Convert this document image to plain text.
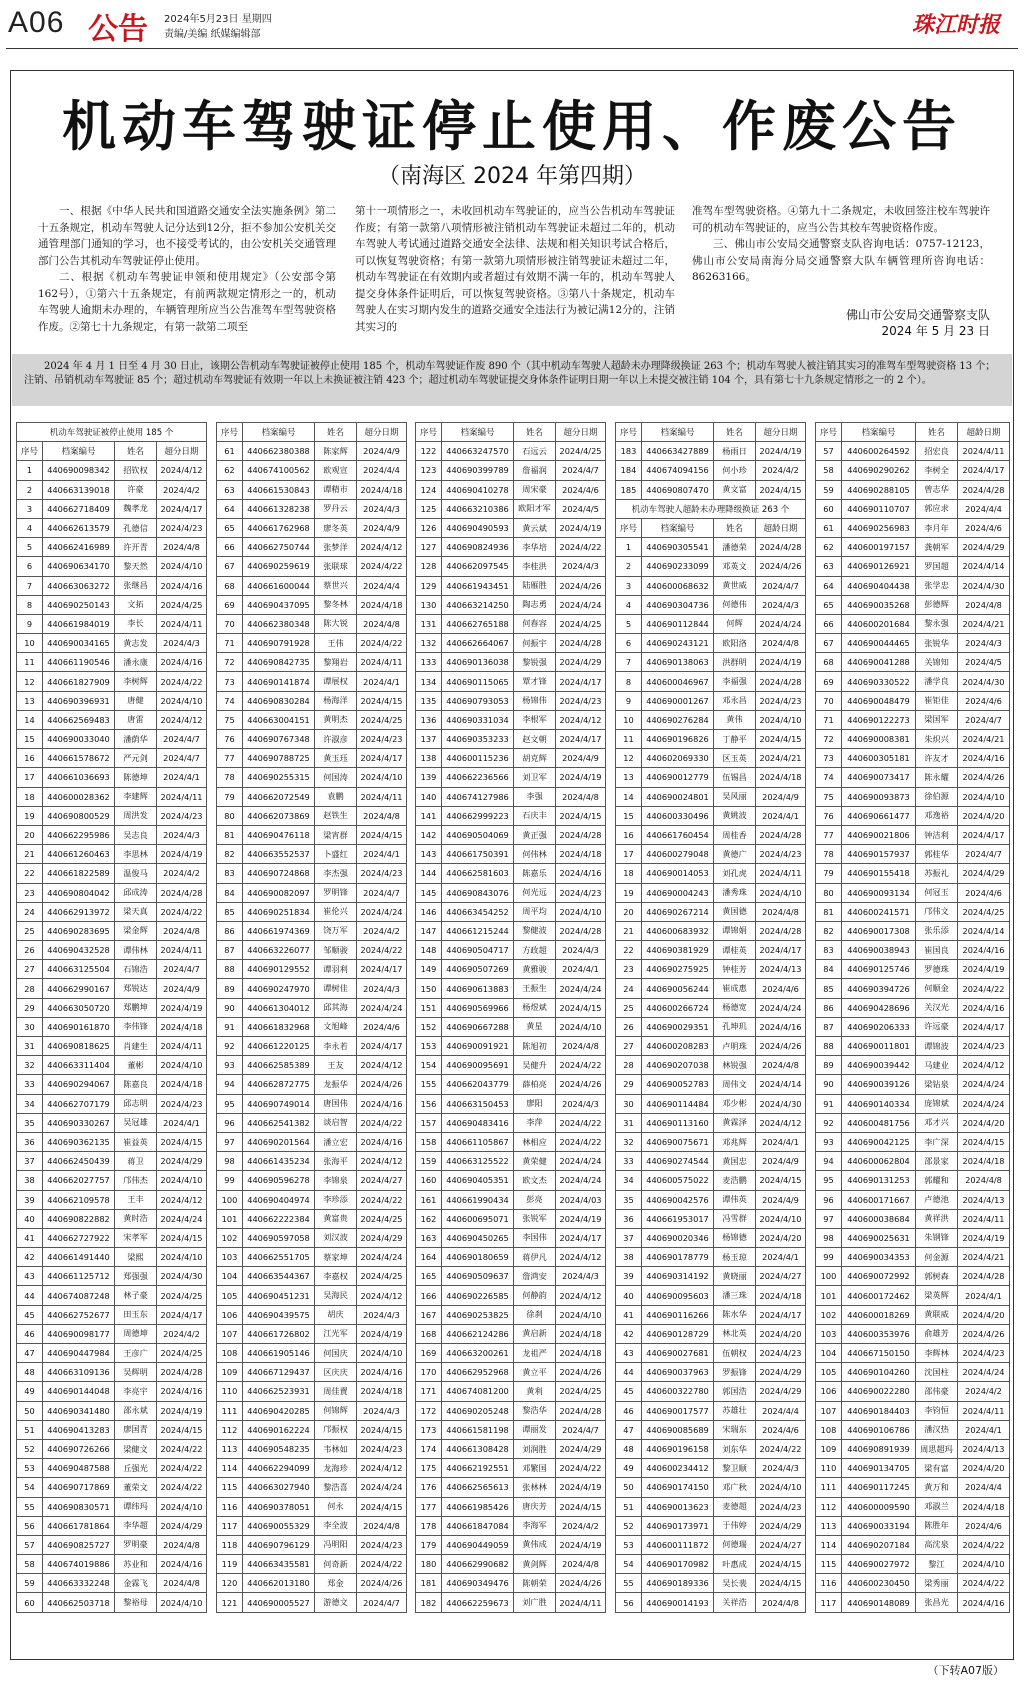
A06 公告 2024年5月23日 星期四
责编/美编 纸媒编辑部	珠江时报
机动车驾驶证停止使用、作废公告
（南海区 2024 年第四期）

一、根据《中华人民共和国道路交通安全法实施条例》第二十五条规定，机动车驾驶人记分达到12分，拒不参加公安机关交通管理部门通知的学习，也不接受考试的，由公安机关交通管理部门公告其机动车驾驶证停止使用。

二、根据《机动车驾驶证申领和使用规定》（公安部令第162号），①第六十五条规定，有前两款规定情形之一的，机动车驾驶人逾期未办理的，车辆管理所应当公告准驾车型驾驶资格作废。②第七十九条规定，有第一款第二项至

第十一项情形之一，未收回机动车驾驶证的，应当公告机动车驾驶证作废；有第一款第八项情形被注销机动车驾驶证未超过二年的，机动车驾驶人考试通过道路交通安全法律、法规和相关知识考试合格后，可以恢复驾驶资格；有第一款第九项情形被注销驾驶证未超过二年，机动车驾驶证在有效期内或者超过有效期不满一年的，机动车驾驶人提交身体条件证明后，可以恢复驾驶资格。③第八十条规定，机动车驾驶人在实习期内发生的道路交通安全违法行为被记满12分的，注销其实习的

准驾车型驾驶资格。④第九十二条规定，未收回签注校车驾驶许可的机动车驾驶证的，应当公告其校车驾驶资格作废。

三、佛山市公安局交通警察支队咨询电话：0757-12123，佛山市公安局南海分局交通警察大队车辆管理所咨询电话：86263166。

佛山市公安局交通警察支队
2024 年 5 月 23 日
2024 年 4 月 1 日至 4 月 30 日止，该期公告机动车驾驶证被停止使用 185 个，机动车驾驶证作废 890 个（其中机动车驾驶人超龄未办理降级换证 263 个；机动车驾驶人被注销其实习的准驾车型驾驶资格 13 个；注销、吊销机动车驾驶证 85 个；超过机动车驾驶证有效期一年以上未换证被注销 423 个；超过机动车驾驶证提交身体条件证明日期一年以上未提交被注销 104 个，具有第七十九条规定情形之一的 2 个）。
机动车驾驶证被停止使用 185 个			
序号	档案编号	姓名	超分日期
1	440690098342	招钦权	2024/4/12
2	440663139018	许豪	2024/4/2
3	440662718409	魏孝龙	2024/4/17
4	440662613579	孔德信	2024/4/23
5	440662416989	许开青	2024/4/8
6	440690634170	黎天然	2024/4/10
7	440663063272	张继昌	2024/4/16
8	440690250143	文拓	2024/4/25
9	440661984019	李长	2024/4/11
10	440690034165	黄志发	2024/4/3
11	440661190546	潘永康	2024/4/16
12	440661827909	李树辉	2024/4/22
13	440690396931	唐健	2024/4/10
14	440662569483	唐雷	2024/4/12
15	440690033040	潘荫华	2024/4/7
16	440661578672	严元剑	2024/4/7
17	440661036693	陈德坤	2024/4/1
18	440600028362	李建辉	2024/4/11
19	440690800529	周洪发	2024/4/23
20	440662295986	吴志良	2024/4/3
21	440661260463	李思林	2024/4/19
22	440661822589	温俊马	2024/4/2
23	440690804042	邱成涛	2024/4/28
24	440662913972	梁天真	2024/4/22
25	440690283695	梁金辉	2024/4/8
26	440690432528	谭伟林	2024/4/11
27	440663125504	石锦浩	2024/4/7
28	440662990167	郑锐达	2024/4/9
29	440663050720	郑鹏坤	2024/4/19
30	440690161870	李伟锋	2024/4/18
31	440690818625	肖建生	2024/4/11
32	440663311404	董彬	2024/4/10
33	440690294067	陈嘉良	2024/4/18
34	440662707179	邱志明	2024/4/23
35	440690330267	吴冠雄	2024/4/1
36	440690362135	崔益英	2024/4/15
37	440662450439	蒋卫	2024/4/29
38	440662027757	邝伟杰	2024/4/10
39	440662109578	王丰	2024/4/12
40	440690822882	黄时浩	2024/4/24
41	440662727922	宋孝军	2024/4/15
42	440661491440	梁熙	2024/4/10
43	440661125712	郑强强	2024/4/30
44	440674087248	林子豪	2024/4/25
45	440662752677	田玉东	2024/4/17
46	440690098177	周德坤	2024/4/2
47	440690447984	王彦广	2024/4/25
48	440663109136	吴辉明	2024/4/28
49	440690144048	李亮宇	2024/4/16
50	440690341480	邵永斌	2024/4/19
51	440690413283	廖国青	2024/4/15
52	440690726266	梁健文	2024/4/22
53	440690487588	丘强光	2024/4/22
54	440690717869	董荣文	2024/4/22
55	440690830571	谭纬玛	2024/4/10
56	440661781864	李华超	2024/4/29
57	440690825727	罗明豪	2024/4/8
58	440674019886	苏业和	2024/4/16
59	440663332248	金霖飞	2024/4/8
60	440662503718	黎裕母	2024/4/10
序号	档案编号	姓名	超分日期
61	440662380388	陈家辉	2024/4/9
62	440674100562	欧观宣	2024/4/4
63	440661530843	谭精市	2024/4/18
64	440661328238	罗丹云	2024/4/3
65	440661762968	廖冬英	2024/4/9
66	440662750744	张梦洋	2024/4/12
67	440690259619	张联球	2024/4/22
68	440661600044	蔡世兴	2024/4/4
69	440690437095	黎冬林	2024/4/18
70	440662380348	陈大锐	2024/4/8
71	440690791928	王伟	2024/4/22
72	440690842735	黎翔岩	2024/4/11
73	440690141874	谭展权	2024/4/1
74	440690830284	杨海洋	2024/4/15
75	440663004151	黄明杰	2024/4/25
76	440690767348	许淑彦	2024/4/23
77	440690788725	黄玉珏	2024/4/17
78	440690255315	何国涛	2024/4/10
79	440662072549	袁鹏	2024/4/11
80	440662073869	赵铁生	2024/4/8
81	440690476118	梁宵群	2024/4/15
82	440663552537	卜盛红	2024/4/1
83	440690724868	李杰强	2024/4/23
84	440690082097	罗明锋	2024/4/7
85	440690251834	崔伦兴	2024/4/24
86	440661974369	饶万军	2024/4/2
87	440663226077	邹顺骏	2024/4/22
88	440690129552	谭羽利	2024/4/17
89	440690247970	谭树佳	2024/4/3
90	440661304012	邱其海	2024/4/24
91	440661832968	文旭峰	2024/4/6
92	440661220125	李永若	2024/4/17
93	440662585389	王友	2024/4/12
94	440662872775	龙振华	2024/4/26
95	440690749014	唐国伟	2024/4/16
96	440662541382	谈启智	2024/4/22
97	440690201564	潘立宏	2024/4/16
98	440661435234	张海平	2024/4/12
99	440690596278	李锦泉	2024/4/27
100	440690404974	李珍添	2024/4/22
101	440662222384	黄富贵	2024/4/25
102	440690597058	刘汉波	2024/4/29
103	440662551705	蔡家坤	2024/4/24
104	440663544367	李嘉权	2024/4/25
105	440690451231	吴海民	2024/4/12
106	440690439575	胡庆	2024/4/3
107	440661726802	江光军	2024/4/19
108	440661905146	何国庆	2024/4/10
109	440667129437	区庆庆	2024/4/16
110	440662523931	周佳賣	2024/4/18
111	440690420285	何锦辉	2024/4/3
112	440690162224	邝振权	2024/4/15
113	440690548235	韦林如	2024/4/23
114	440662294099	龙海珍	2024/4/12
115	440663027940	黎浩喜	2024/4/24
116	440690378051	何永	2024/4/15
117	440690055329	李全波	2024/4/8
118	440690796129	冯明阳	2024/4/23
119	440663435581	何奇新	2024/4/22
120	440662013180	郑金	2024/4/26
121	440690005527	游德文	2024/4/7
序号	档案编号	姓名	超分日期
122	440663247570	石远云	2024/4/25
123	440690399789	詹福润	2024/4/7
124	440690410278	周宋豪	2024/4/6
125	440663210386	欧阳才军	2024/4/5
126	440690490593	黄云斌	2024/4/19
127	440690824936	李华培	2024/4/22
128	440662097545	李桂洪	2024/4/3
129	440661943451	陆雁胜	2024/4/26
130	440663214250	陶志勇	2024/4/24
131	440662765188	何春容	2024/4/25
132	440662664067	何振宇	2024/4/28
133	440690136038	黎锐强	2024/4/29
134	440690115065	覃才锋	2024/4/17
135	440690793053	杨锦伟	2024/4/23
136	440690331034	李根军	2024/4/12
137	440690353233	赵文朝	2024/4/17
138	440600115236	胡克辉	2024/4/9
139	440662236566	刘卫军	2024/4/19
140	440674127986	李强	2024/4/8
141	440662999223	石庆丰	2024/4/15
142	440690504069	黄正强	2024/4/28
143	440661750391	何伟林	2024/4/18
144	440662581603	陈嘉乐	2024/4/16
145	440690843076	何光远	2024/4/23
146	440663454252	周平均	2024/4/10
147	440661215244	黎健波	2024/4/28
148	440690504717	方政超	2024/4/3
149	440690507269	黄雅骏	2024/4/1
150	440690613883	王振生	2024/4/24
151	440690569966	杨煜斌	2024/4/15
152	440690667288	黄星	2024/4/10
153	440690091921	陈旭初	2024/4/8
154	440690095691	吴健升	2024/4/22
155	440662043779	薛柏亮	2024/4/26
156	440663150453	廖阳	2024/4/3
157	440690483416	李萍	2024/4/22
158	440661105867	林相应	2024/4/22
159	440663125522	黄荣健	2024/4/24
160	440690405351	欧文杰	2024/4/24
161	440661990434	彭亮	2024/4/03
162	440600695071	张锐军	2024/4/19
163	440690450265	李国伟	2024/4/17
164	440690180659	蒋伊凡	2024/4/12
165	440690509637	詹鸿安	2024/4/3
166	440690226585	何静韵	2024/4/12
167	440690253825	徐刹	2024/4/10
168	440662124286	黄启新	2024/4/18
169	440663200261	龙祖严	2024/4/18
170	440662952968	黄立平	2024/4/26
171	440674081200	黄利	2024/4/25
172	440690205248	黎浩华	2024/4/28
173	440661581198	谭丽发	2024/4/7
174	440661308428	刘润胜	2024/4/29
175	440662192551	邓繁国	2024/4/22
176	440662565613	张林林	2024/4/19
177	440661985426	唐庆芳	2024/4/15
178	440661847084	李海军	2024/4/2
179	440690449059	黄伟成	2024/4/19
180	440662990682	黄剑辉	2024/4/8
181	440690349476	陈朝荣	2024/4/26
182	440662259673	刘广胜	2024/4/11
序号	档案编号	姓名	超分日期
183	440663427889	杨雨日	2024/4/19
184	440674094156	何小珍	2024/4/2
185	440690807470	黄文富	2024/4/15
机动车驾驶人超龄未办理降级换证 263 个			
序号	档案编号	姓名	超龄日期
1	440690305541	潘德荣	2024/4/28
2	440690233099	邓英文	2024/4/26
3	440600068632	黄世威	2024/4/7
4	440690304736	何德伟	2024/4/3
5	440690112844	何辉	2024/4/24
6	440690243121	欧阳洛	2024/4/8
7	440690138063	洪群明	2024/4/19
8	440600046967	李福强	2024/4/28
9	440690001267	邓永昌	2024/4/23
10	440690276284	黄伟	2024/4/10
11	440690196826	丁静平	2024/4/15
12	440602069330	区玉英	2024/4/21
13	440690012779	伍锡昌	2024/4/18
14	440690024801	吴风丽	2024/4/9
15	440600330496	黄姚波	2024/4/1
16	440661760454	周桂香	2024/4/28
17	440600279048	黄德广	2024/4/23
18	440690014053	刘孔虎	2024/4/11
19	440690004243	潘秀珠	2024/4/10
20	440690267214	黄国德	2024/4/8
21	440600683932	谭锦娟	2024/4/28
22	440690381929	谭桂英	2024/4/17
23	440690275925	钟桂芳	2024/4/13
24	440690056244	崔成惠	2024/4/6
25	440600266724	杨德宽	2024/4/24
26	440690029351	孔坤玑	2024/4/16
27	440600208283	卢明珠	2024/4/26
28	440690207038	林锐强	2024/4/8
29	440690052783	周伟文	2024/4/14
30	440690114484	邓少彬	2024/4/30
31	440690113160	黄霖泽	2024/4/12
32	440690075671	邓兆辉	2024/4/1
33	440690274544	黄国忠	2024/4/9
34	440600575022	麦浩鹏	2024/4/15
35	440690042576	谭伟英	2024/4/9
36	440661953017	冯雪群	2024/4/10
37	440690020346	杨锦德	2024/4/20
38	440690178779	杨玉琼	2024/4/1
39	440690314192	黄晓丽	2024/4/27
40	440690095603	潘三珠	2024/4/18
41	440690116266	陈水华	2024/4/17
42	440690128729	林北英	2024/4/20
43	440690027681	伍朝权	2024/4/23
44	440690037963	罗振锋	2024/4/29
45	440600322780	郭国浩	2024/4/29
46	440690017577	苏雄壮	2024/4/4
47	440690085689	宋瑞东	2024/4/6
48	440690196158	刘东华	2024/4/22
49	440600234412	黎卫顺	2024/4/3
50	440690174150	邓广秋	2024/4/10
51	440690013623	麦德超	2024/4/23
52	440690173971	于伟婷	2024/4/29
53	440600111872	何德瑞	2024/4/27
54	440690170982	叶惠成	2024/4/15
55	440690189336	吴长裴	2024/4/15
56	440690014193	关祥浩	2024/4/8
序号	档案编号	姓名	超龄日期
57	440600264592	招宏良	2024/4/11
58	440690290262	李树全	2024/4/17
59	440690288105	曾志华	2024/4/28
60	440690110707	郭应求	2024/4/4
61	440690256983	李月年	2024/4/6
62	440600197157	龚朝军	2024/4/29
63	440690126921	罗国超	2024/4/14
64	440690404438	张学忠	2024/4/30
65	440690035268	彭德辉	2024/4/8
66	440600201684	黎永强	2024/4/21
67	440690044465	张锐华	2024/4/3
68	440690041288	关锦知	2024/4/5
69	440690330522	潘学良	2024/4/30
70	440690048479	崔钜佳	2024/4/6
71	440690122273	梁国军	2024/4/7
72	440690008381	朱炽兴	2024/4/21
73	440600305181	许友才	2024/4/16
74	440690073417	陈永耀	2024/4/26
75	440690093873	徐伯源	2024/4/10
76	440690661477	邓逸裕	2024/4/20
77	440690021806	钟洁利	2024/4/17
78	440690157937	郭桂华	2024/4/7
79	440690155418	苏振礼	2024/4/29
80	440690093134	何冠玉	2024/4/6
81	440600241571	邝伟文	2024/4/25
82	440690017308	张乐添	2024/4/14
83	440690038943	崔国良	2024/4/16
84	440690125746	罗德珠	2024/4/19
85	440690394726	何顺金	2024/4/22
86	440690428696	关汉光	2024/4/16
87	440690206333	许远豪	2024/4/17
88	440690011801	谭锦波	2024/4/23
89	440690039442	马建业	2024/4/12
90	440690039126	梁钻泉	2024/4/24
91	440690140334	庞锦斌	2024/4/24
92	440600481756	邓才兴	2024/4/20
93	440690042125	李广深	2024/4/15
94	440600062804	邵景家	2024/4/18
95	440690131253	郭耀和	2024/4/8
96	440600171667	卢德池	2024/4/13
97	440600038684	黄祥洪	2024/4/11
98	440690025631	朱钢锋	2024/4/19
99	440690034353	何金源	2024/4/21
100	440690072992	郭树森	2024/4/28
101	440600172462	梁英辉	2024/4/1
102	440600018269	黄联威	2024/4/20
103	440600353976	俞雄芳	2024/4/26
104	440667150150	李辉林	2024/4/23
105	440690104260	沈国柱	2024/4/24
106	440690022280	邵伟豪	2024/4/2
107	440690184403	李钧恒	2024/4/11
108	440690106786	潘汉热	2024/4/1
109	440690891939	周思超玛	2024/4/13
110	440690134705	梁有富	2024/4/20
111	440690117245	黄万和	2024/4/4
112	440600009590	邓淑兰	2024/4/18
113	440690033194	陈胜年	2024/4/6
114	440690207184	高沈泉	2024/4/22
115	440690027972	黎江	2024/4/10
116	440600230450	梁秀丽	2024/4/22
117	440690148089	张昌光	2024/4/16
（下转A07版）
